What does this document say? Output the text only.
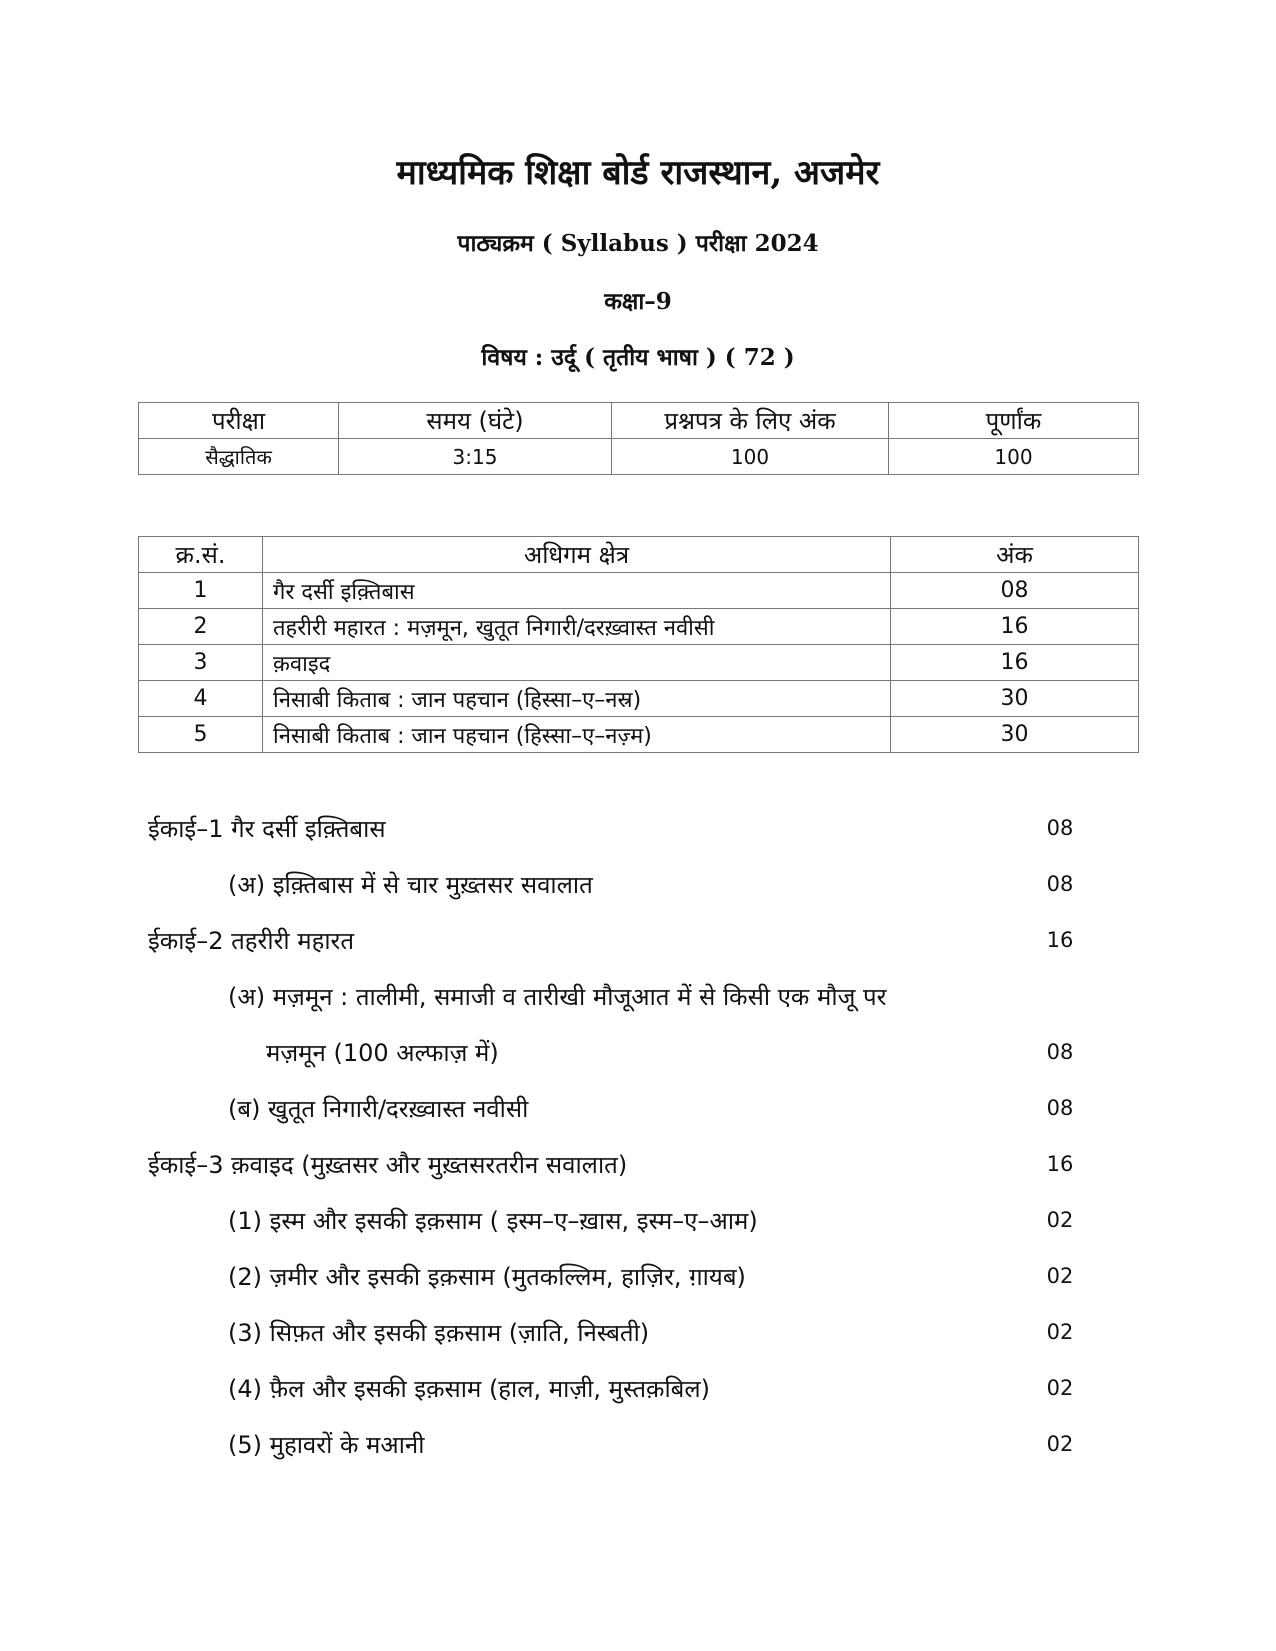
माध्यमिक शिक्षा बोर्ड राजस्थान, अजमेर
पाठ्यक्रम ( Syllabus ) परीक्षा 2024
कक्षा–9
विषय : उर्दू ( तृतीय भाषा ) ( 72 )
परीक्षा	समय (घंटे)	प्रश्नपत्र के लिए अंक	पूर्णांक
सैद्धातिक	3:15	100	100
क्र.सं.	अधिगम क्षेत्र	अंक
1	गैर दर्सी इक़्तिबास	08
2	तहरीरी महारत : मज़मून, खुतूत निगारी/दरख़्वास्त नवीसी	16
3	क़वाइद	16
4	निसाबी किताब : जान पहचान (हिस्सा–ए–नस्र)	30
5	निसाबी किताब : जान पहचान (हिस्सा–ए–नज़्म)	30
ईकाई–1 गैर दर्सी इक़्तिबास	08
(अ) इक़्तिबास में से चार मुख़्तसर सवालात	08
ईकाई–2 तहरीरी महारत	16
(अ) मज़मून : तालीमी, समाजी व तारीखी मौजूआत में से किसी एक मौजू पर
मज़मून (100 अल्फाज़ में)	08
(ब) खुतूत निगारी/दरख़्वास्त नवीसी	08
ईकाई–3 क़वाइद (मुख़्तसर और मुख़्तसरतरीन सवालात)	16
(1) इस्म और इसकी इक़साम ( इस्म–ए–ख़ास, इस्म–ए–आम)	02
(2) ज़मीर और इसकी इक़साम (मुतकल्लिम, हाज़िर, ग़ायब)	02
(3) सिफ़त और इसकी इक़साम (ज़ाति, निस्बती)	02
(4) फ़ैल और इसकी इक़साम (हाल, माज़ी, मुस्तक़बिल)	02
(5) मुहावरों के मआनी	02
